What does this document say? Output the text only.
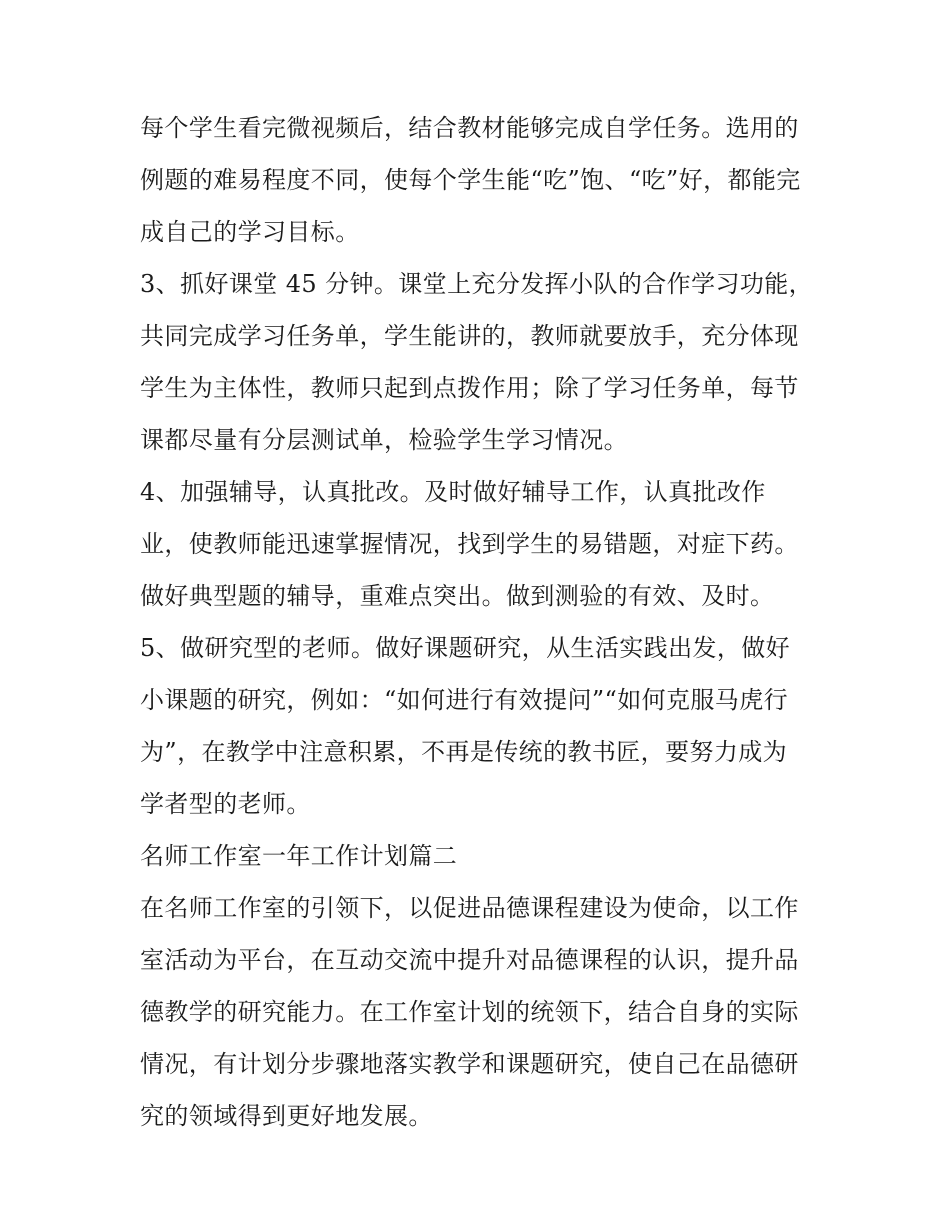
每个学生看完微视频后，结合教材能够完成自学任务。选用的
例题的难易程度不同，使每个学生能“吃”饱、“吃”好，都能完
成自己的学习目标。
3、抓好课堂 45 分钟。课堂上充分发挥小队的合作学习功能，
共同完成学习任务单，学生能讲的，教师就要放手，充分体现
学生为主体性，教师只起到点拨作用；除了学习任务单，每节
课都尽量有分层测试单，检验学生学习情况。
4、加强辅导，认真批改。及时做好辅导工作，认真批改作
业，使教师能迅速掌握情况，找到学生的易错题，对症下药。
做好典型题的辅导，重难点突出。做到测验的有效、及时。
5、做研究型的老师。做好课题研究，从生活实践出发，做好
小课题的研究，例如：“如何进行有效提问”“如何克服马虎行
为”，在教学中注意积累，不再是传统的教书匠，要努力成为
学者型的老师。
名师工作室一年工作计划篇二
在名师工作室的引领下，以促进品德课程建设为使命，以工作
室活动为平台，在互动交流中提升对品德课程的认识，提升品
德教学的研究能力。在工作室计划的统领下，结合自身的实际
情况，有计划分步骤地落实教学和课题研究，使自己在品德研
究的领域得到更好地发展。
